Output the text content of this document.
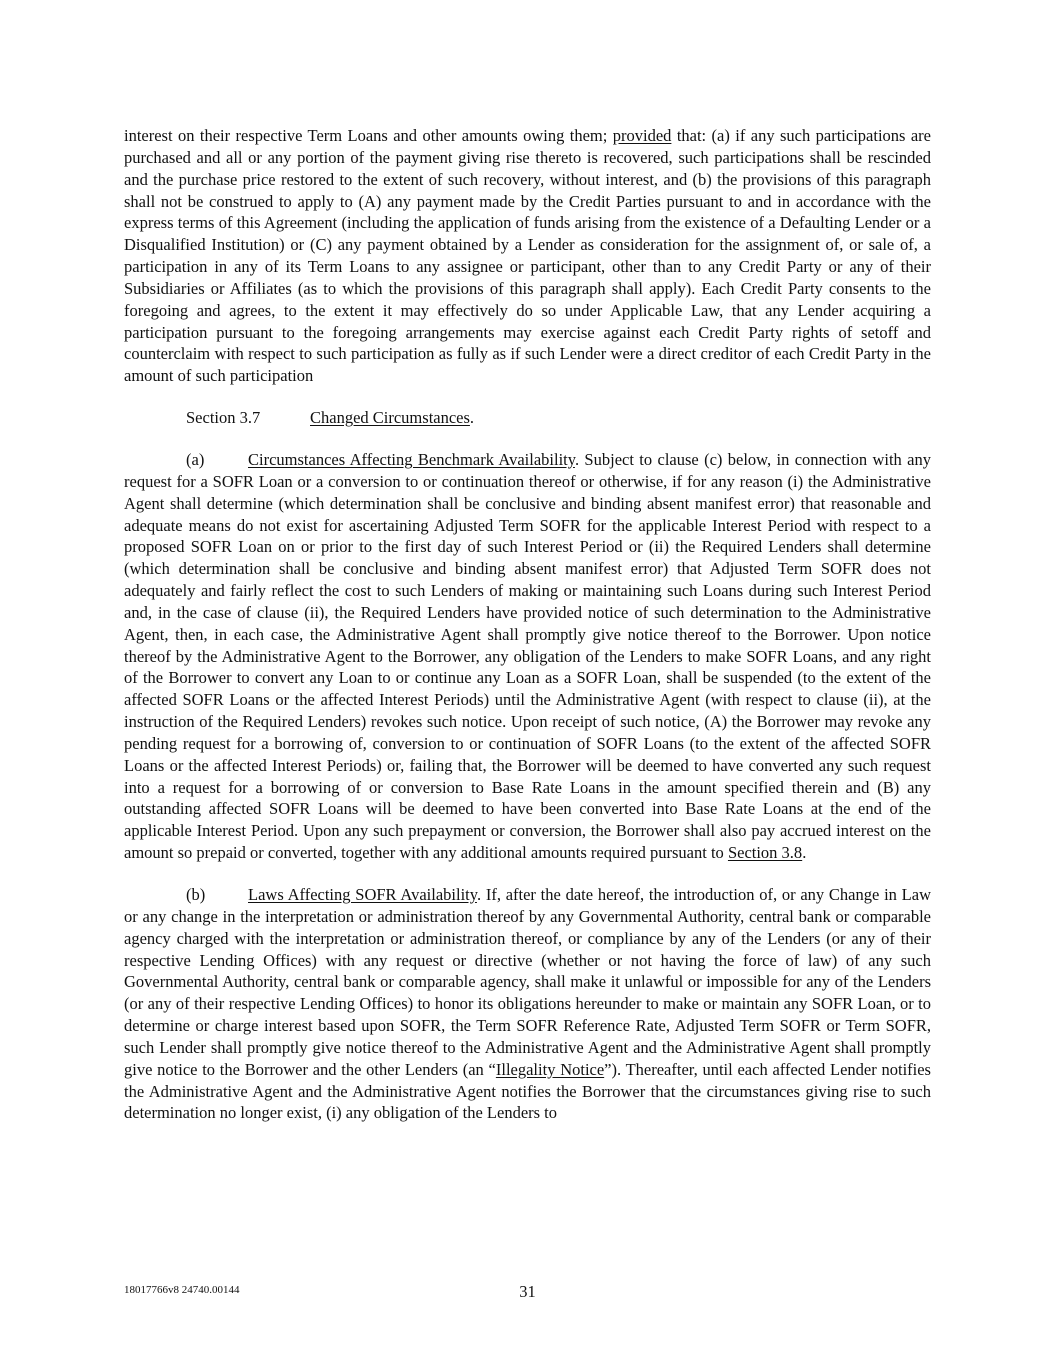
interest on their respective Term Loans and other amounts owing them; provided that: (a) if any such participations are purchased and all or any portion of the payment giving rise thereto is recovered, such participations shall be rescinded and the purchase price restored to the extent of such recovery, without interest, and (b) the provisions of this paragraph shall not be construed to apply to (A) any payment made by the Credit Parties pursuant to and in accordance with the express terms of this Agreement (including the application of funds arising from the existence of a Defaulting Lender or a Disqualified Institution) or (C) any payment obtained by a Lender as consideration for the assignment of, or sale of, a participation in any of its Term Loans to any assignee or participant, other than to any Credit Party or any of their Subsidiaries or Affiliates (as to which the provisions of this paragraph shall apply). Each Credit Party consents to the foregoing and agrees, to the extent it may effectively do so under Applicable Law, that any Lender acquiring a participation pursuant to the foregoing arrangements may exercise against each Credit Party rights of setoff and counterclaim with respect to such participation as fully as if such Lender were a direct creditor of each Credit Party in the amount of such participation

Section 3.7	Changed Circumstances.

(a)	Circumstances Affecting Benchmark Availability. Subject to clause (c) below, in connection with any request for a SOFR Loan or a conversion to or continuation thereof or otherwise, if for any reason (i) the Administrative Agent shall determine (which determination shall be conclusive and binding absent manifest error) that reasonable and adequate means do not exist for ascertaining Adjusted Term SOFR for the applicable Interest Period with respect to a proposed SOFR Loan on or prior to the first day of such Interest Period or (ii) the Required Lenders shall determine (which determination shall be conclusive and binding absent manifest error) that Adjusted Term SOFR does not adequately and fairly reflect the cost to such Lenders of making or maintaining such Loans during such Interest Period and, in the case of clause (ii), the Required Lenders have provided notice of such determination to the Administrative Agent, then, in each case, the Administrative Agent shall promptly give notice thereof to the Borrower. Upon notice thereof by the Administrative Agent to the Borrower, any obligation of the Lenders to make SOFR Loans, and any right of the Borrower to convert any Loan to or continue any Loan as a SOFR Loan, shall be suspended (to the extent of the affected SOFR Loans or the affected Interest Periods) until the Administrative Agent (with respect to clause (ii), at the instruction of the Required Lenders) revokes such notice. Upon receipt of such notice, (A) the Borrower may revoke any pending request for a borrowing of, conversion to or continuation of SOFR Loans (to the extent of the affected SOFR Loans or the affected Interest Periods) or, failing that, the Borrower will be deemed to have converted any such request into a request for a borrowing of or conversion to Base Rate Loans in the amount specified therein and (B) any outstanding affected SOFR Loans will be deemed to have been converted into Base Rate Loans at the end of the applicable Interest Period. Upon any such prepayment or conversion, the Borrower shall also pay accrued interest on the amount so prepaid or converted, together with any additional amounts required pursuant to Section 3.8.

(b)	Laws Affecting SOFR Availability. If, after the date hereof, the introduction of, or any Change in Law or any change in the interpretation or administration thereof by any Governmental Authority, central bank or comparable agency charged with the interpretation or administration thereof, or compliance by any of the Lenders (or any of their respective Lending Offices) with any request or directive (whether or not having the force of law) of any such Governmental Authority, central bank or comparable agency, shall make it unlawful or impossible for any of the Lenders (or any of their respective Lending Offices) to honor its obligations hereunder to make or maintain any SOFR Loan, or to determine or charge interest based upon SOFR, the Term SOFR Reference Rate, Adjusted Term SOFR or Term SOFR, such Lender shall promptly give notice thereof to the Administrative Agent and the Administrative Agent shall promptly give notice to the Borrower and the other Lenders (an “Illegality Notice”). Thereafter, until each affected Lender notifies the Administrative Agent and the Administrative Agent notifies the Borrower that the circumstances giving rise to such determination no longer exist, (i) any obligation of the Lenders to

18017766v8 24740.00144	31
